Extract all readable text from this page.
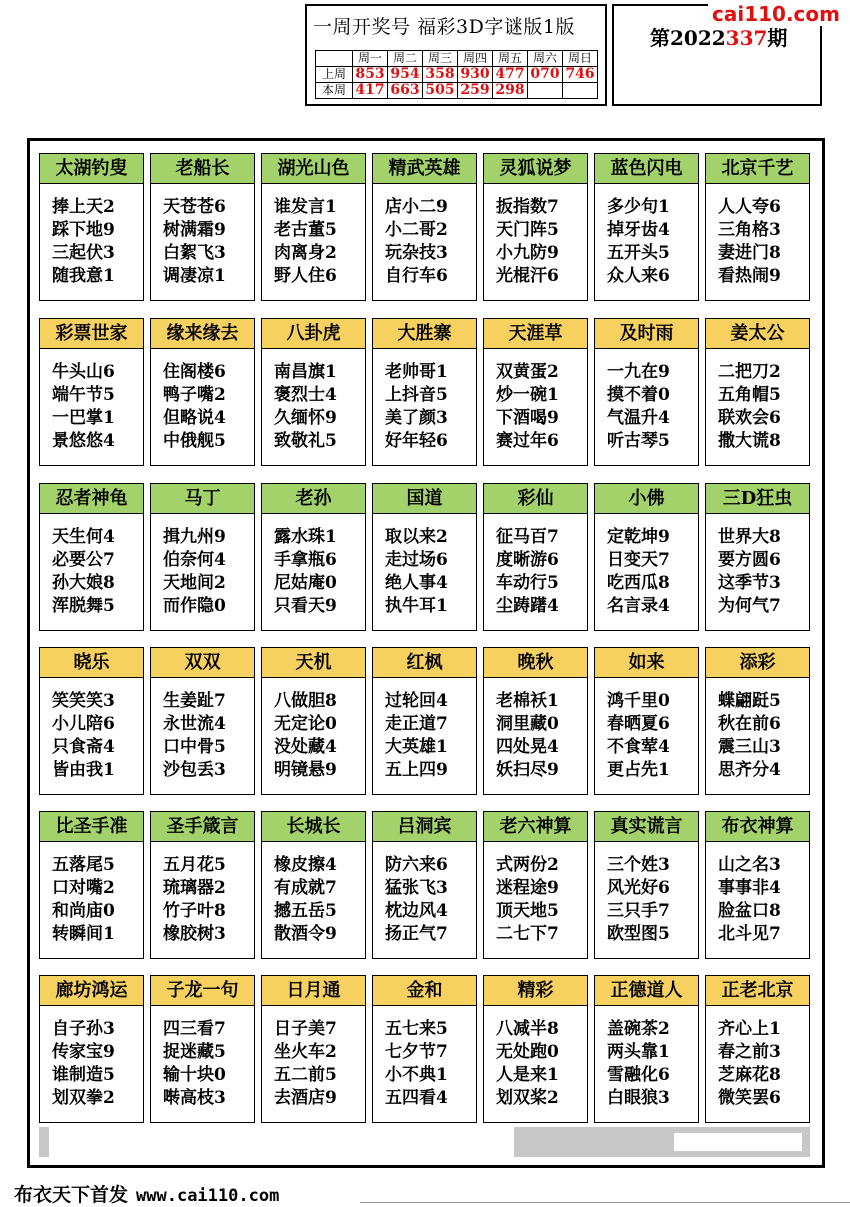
一周开奖号 福彩3D字谜版1版
	周一	周二	周三	周四	周五	周六	周日
上周	853	954	358	930	477	070	746
本周	417	663	505	259	298		
第2022337期
cai110.com
太湖钓叟
捧上天2
踩下地9
三起伏3
随我意1
老船长
天苍苍6
树满霜9
白絮飞3
调凄凉1
湖光山色
谁发言1
老古董5
肉离身2
野人住6
精武英雄
店小二9
小二哥2
玩杂技3
自行车6
灵狐说梦
扳指数7
天门阵5
小九防9
光棍汗6
蓝色闪电
多少句1
掉牙齿4
五开头5
众人来6
北京千艺
人人夸6
三角格3
妻进门8
看热闹9
彩票世家
牛头山6
端午节5
一巴掌1
景悠悠4
缘来缘去
住阁楼6
鸭子嘴2
但略说4
中俄舰5
八卦虎
南昌旗1
褒烈士4
久缅怀9
致敬礼5
大胜寨
老帅哥1
上抖音5
美了颜3
好年轻6
天涯草
双黄蛋2
炒一碗1
下酒喝9
赛过年6
及时雨
一九在9
摸不着0
气温升4
听古琴5
姜太公
二把刀2
五角帽5
联欢会6
撒大谎8
忍者神龟
天生何4
必要公7
孙大娘8
浑脱舞5
马丁
揖九州9
伯奈何4
天地间2
而作隐0
老孙
露水珠1
手拿瓶6
尼姑庵0
只看天9
国道
取以来2
走过场6
绝人事4
执牛耳1
彩仙
征马百7
度晰游6
车动行5
尘踌躇4
小佛
定乾坤9
日变天7
吃西瓜8
名言录4
三D狂虫
世界大8
要方圆6
这季节3
为何气7
晓乐
笑笑笑3
小儿陪6
只食斋4
皆由我1
双双
生姜趾7
永世流4
口中骨5
沙包丢3
天机
八做胆8
无定论0
没处藏4
明镜悬9
红枫
过轮回4
走正道7
大英雄1
五上四9
晚秋
老棉袄1
洞里藏0
四处晃4
妖扫尽9
如来
鸿千里0
春晒夏6
不食荤4
更占先1
添彩
蝶翩跹5
秋在前6
震三山3
思齐分4
比圣手准
五落尾5
口对嘴2
和尚庙0
转瞬间1
圣手箴言
五月花5
琉璃器2
竹子叶8
橡胶树3
长城长
橡皮擦4
有成就7
撼五岳5
散酒令9
吕洞宾
防六来6
猛张飞3
枕边风4
扬正气7
老六神算
式两份2
迷程途9
顶天地5
二七下7
真实谎言
三个姓3
风光好6
三只手7
欧型图5
布衣神算
山之名3
事事非4
脸盆口8
北斗见7
廊坊鸿运
自子孙3
传家宝9
谁制造5
划双拳2
子龙一句
四三看7
捉迷藏5
输十块0
啭高枝3
日月通
日子美7
坐火车2
五二前5
去酒店9
金和
五七来5
七夕节7
小不典1
五四看4
精彩
八减半8
无处跑0
人是来1
划双桨2
正德道人
盖碗茶2
两头靠1
雪融化6
白眼狼3
正老北京
齐心上1
春之前3
芝麻花8
微笑罢6
布衣天下首发 www.cai110.com
